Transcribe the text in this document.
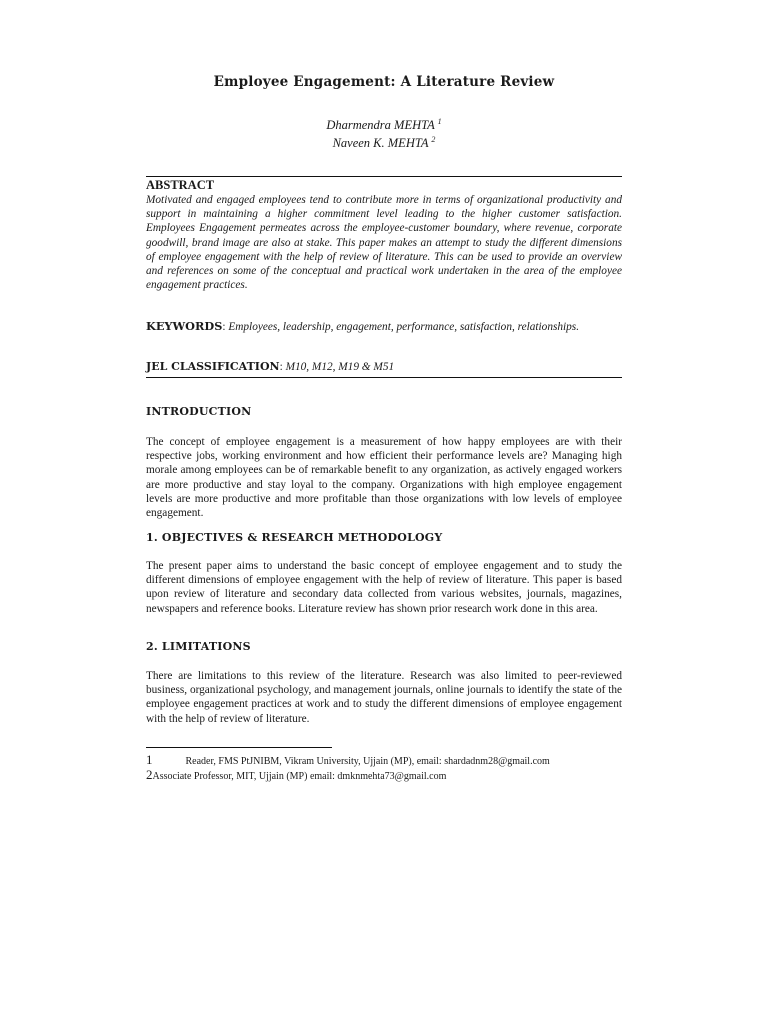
Employee Engagement: A Literature Review
Dharmendra MEHTA $^1$
Naveen K. MEHTA $^2$
ABSTRACT
Motivated and engaged employees tend to contribute more in terms of organizational productivity and support in maintaining a higher commitment level leading to the higher customer satisfaction. Employees Engagement permeates across the employee-customer boundary, where revenue, corporate goodwill, brand image are also at stake. This paper makes an attempt to study the different dimensions of employee engagement with the help of review of literature. This can be used to provide an overview and references on some of the conceptual and practical work undertaken in the area of the employee engagement practices.
KEYWORDS: Employees, leadership, engagement, performance, satisfaction, relationships.
JEL CLASSIFICATION: M10, M12, M19 & M51
INTRODUCTION
The concept of employee engagement is a measurement of how happy employees are with their respective jobs, working environment and how efficient their performance levels are? Managing high morale among employees can be of remarkable benefit to any organization, as actively engaged workers are more productive and stay loyal to the company. Organizations with high employee engagement levels are more productive and more profitable than those organizations with low levels of employee engagement.
1. OBJECTIVES & RESEARCH METHODOLOGY
The present paper aims to understand the basic concept of employee engagement and to study the different dimensions of employee engagement with the help of review of literature. This paper is based upon review of literature and secondary data collected from various websites, journals, magazines, newspapers and reference books. Literature review has shown prior research work done in this area.
2. LIMITATIONS
There are limitations to this review of the literature. Research was also limited to peer-reviewed business, organizational psychology, and management journals, online journals to identify the state of the employee engagement practices at work and to study the different dimensions of employee engagement with the help of review of literature.
1	Reader, FMS PtJNIBM, Vikram University, Ujjain (MP), email: shardadnm28@gmail.com
2Associate Professor, MIT, Ujjain (MP) email: dmknmehta73@gmail.com
